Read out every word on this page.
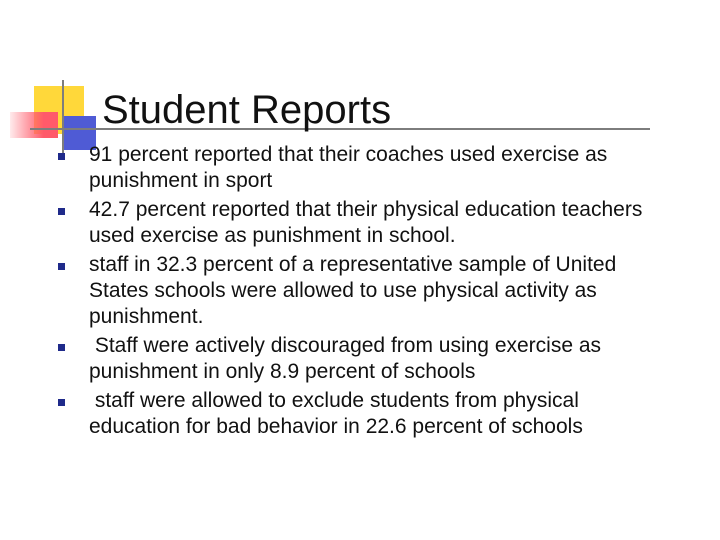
Student Reports
91 percent reported that their coaches used exercise as punishment in sport
42.7 percent reported that their physical education teachers used exercise as punishment in school.
staff in 32.3 percent of a representative sample of United States schools were allowed to use physical activity as punishment.
Staff were actively discouraged from using exercise as punishment in only 8.9 percent of schools
staff were allowed to exclude students from physical education for bad behavior in 22.6 percent of schools
